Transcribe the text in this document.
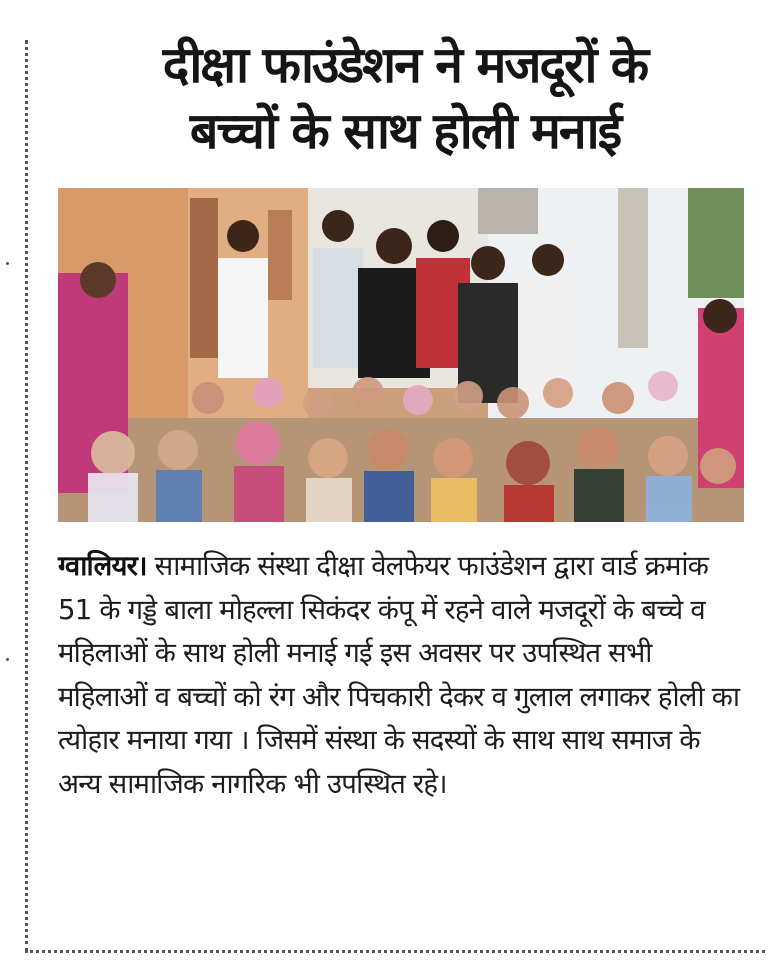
दीक्षा फाउंडेशन ने मजदूरों के
बच्चों के साथ होली मनाई

ग्वालियर। सामाजिक संस्था दीक्षा वेलफेयर फाउंडेशन द्वारा वार्ड क्रमांक 51 के गड्डे बाला मोहल्ला सिकंदर कंपू में रहने वाले मजदूरों के बच्चे व महिलाओं के साथ होली मनाई गई इस अवसर पर उपस्थित सभी महिलाओं व बच्चों को रंग और पिचकारी देकर व गुलाल लगाकर होली का त्योहार मनाया गया । जिसमें संस्था के सदस्यों के साथ साथ समाज के अन्य सामाजिक नागरिक भी उपस्थित रहे।
